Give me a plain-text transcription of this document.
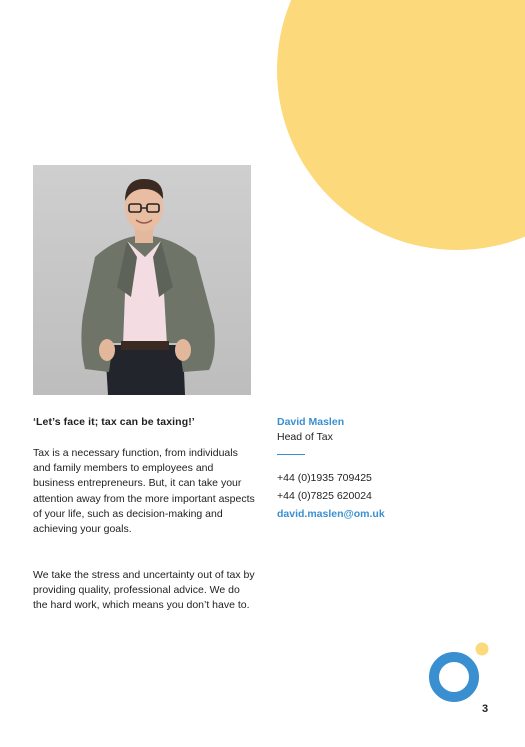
‘Let’s face it; tax can be taxing!’

Tax is a necessary function, from individuals and family members to employees and business entrepreneurs. But, it can take your attention away from the more important aspects of your life, such as decision-making and achieving your goals.

We take the stress and uncertainty out of tax by providing quality, professional advice. We do the hard work, which means you don’t have to.

David Maslen
Head of Tax
+44 (0)1935 709425
+44 (0)7825 620024
david.maslen@om.uk
3
